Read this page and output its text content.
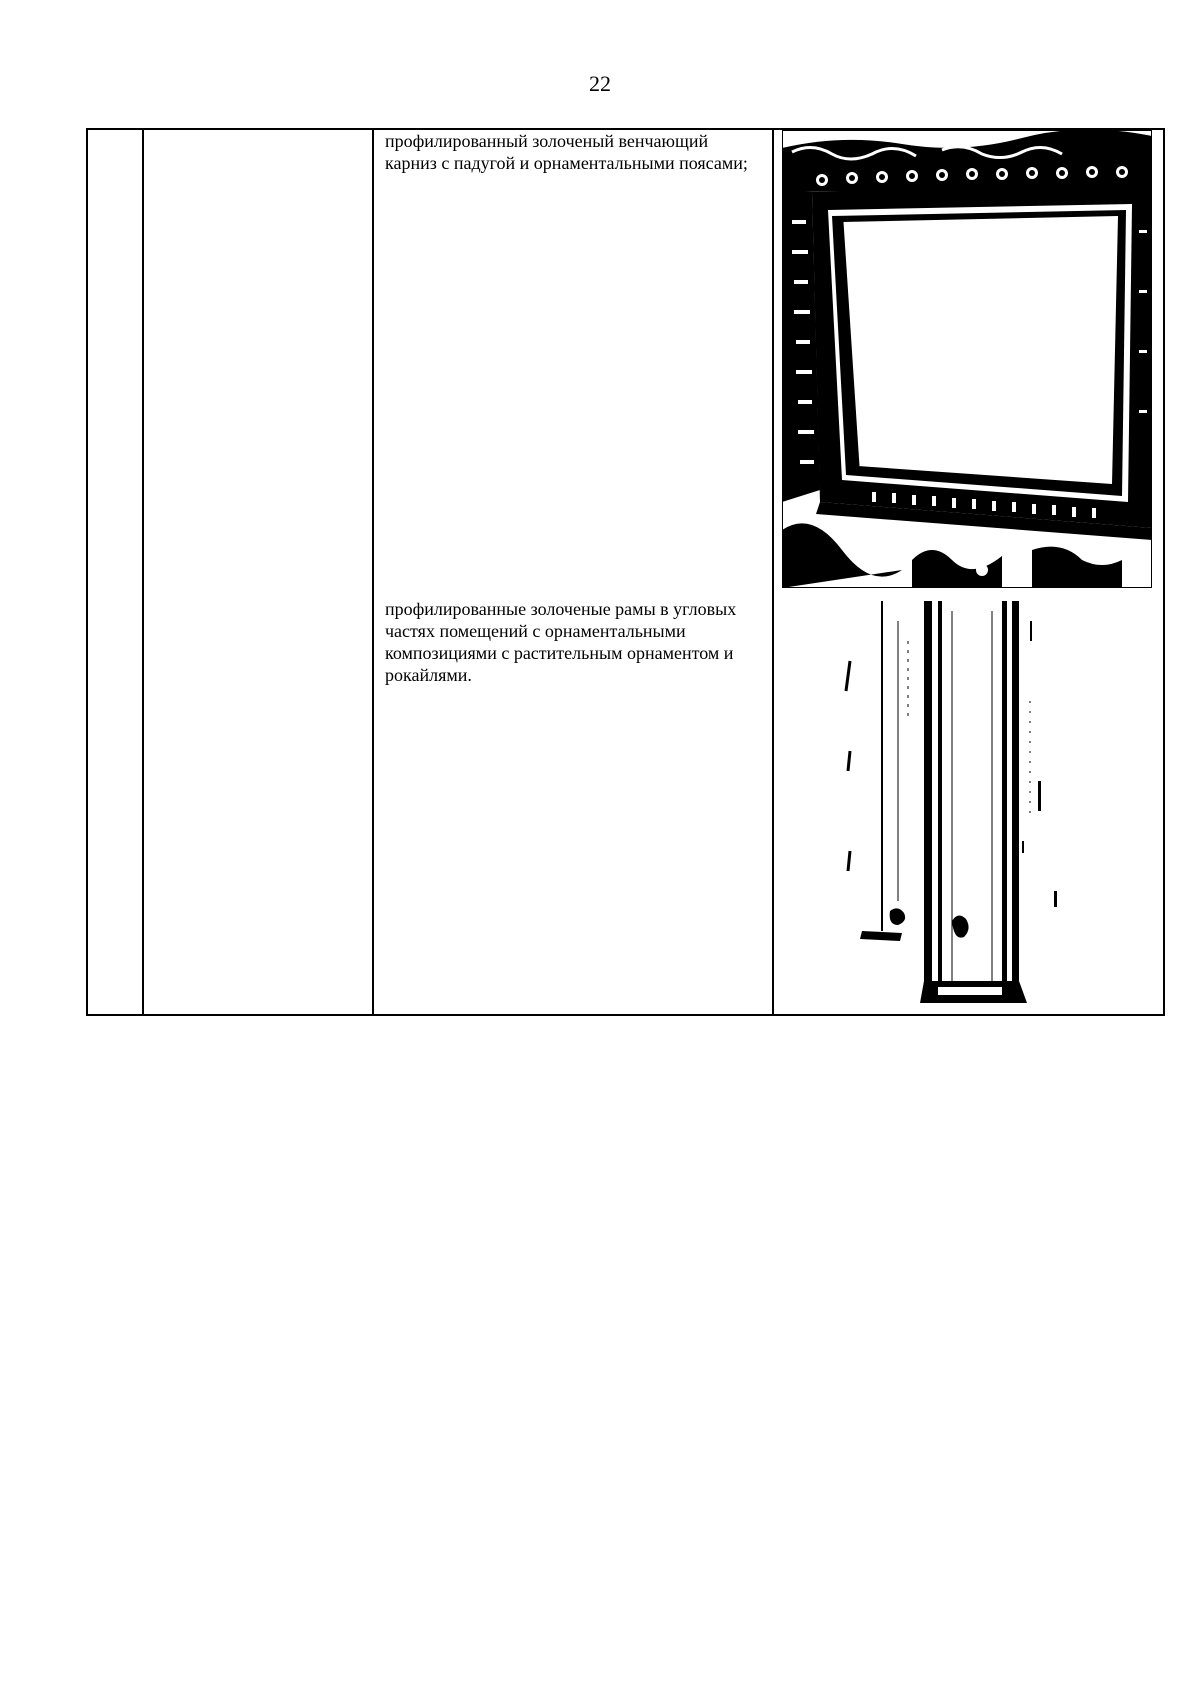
22

профилированный золоченый венчающий карниз с падугой и орнаментальными поясами;
профилированные золоченые рамы в угловых частях помещений с орнаментальными композициями с растительным орнаментом и рокайлями.
